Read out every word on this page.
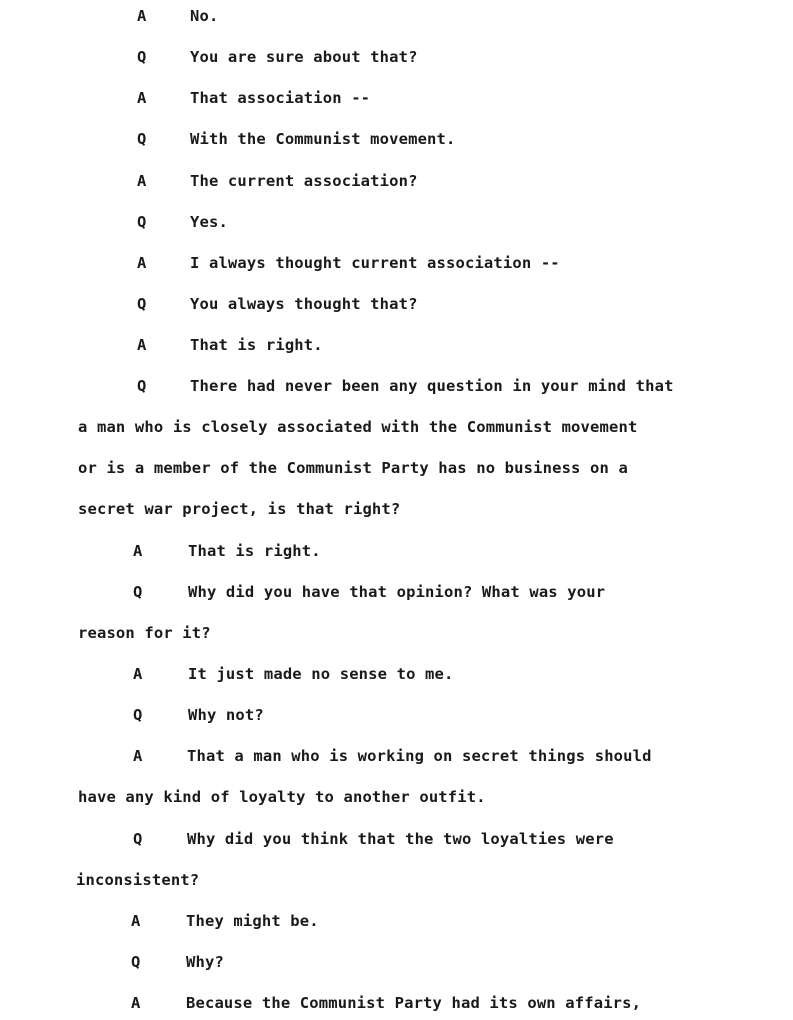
A	No.
Q	You are sure about that?
A	That association --
Q	With the Communist movement.
A	The current association?
Q	Yes.
A	I always thought current association --
Q	You always thought that?
A	That is right.
Q	There had never been any question in your mind that
a man who is closely associated with the Communist movement
or is a member of the Communist Party has no business on a
secret war project, is that right?
A	That is right.
Q	Why did you have that opinion? What was your
reason for it?
A	It just made no sense to me.
Q	Why not?
A	That a man who is working on secret things should
have any kind of loyalty to another outfit.
Q	Why did you think that the two loyalties were
inconsistent?
A	They might be.
Q	Why?
A	Because the Communist Party had its own affairs,
